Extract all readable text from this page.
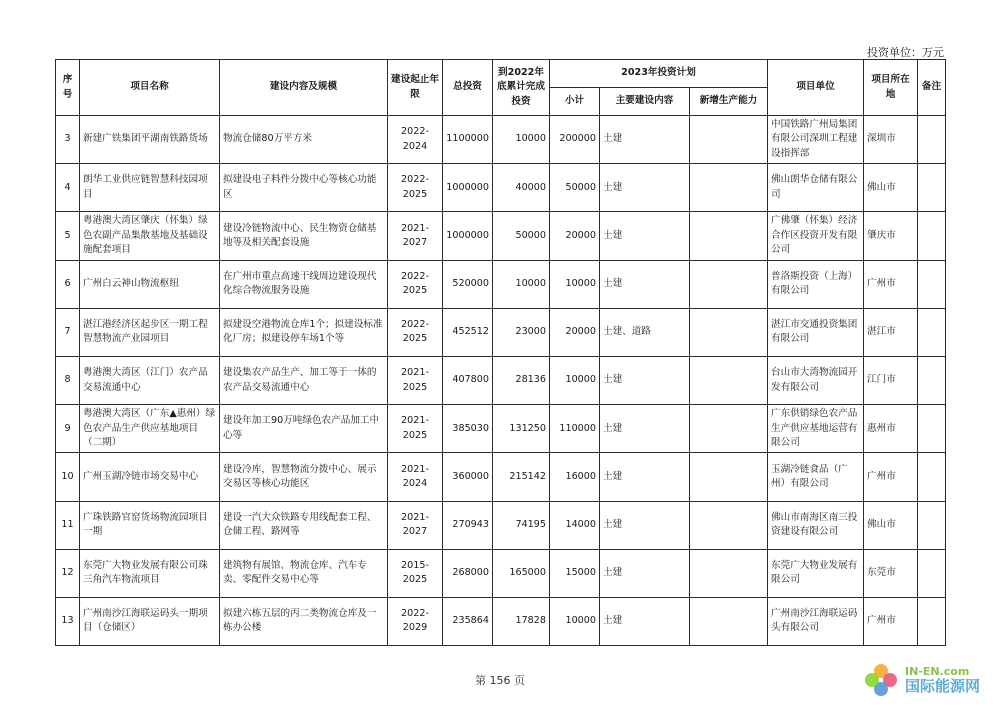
投资单位：万元
序号	项目名称	建设内容及规模	建设起止年限	总投资	到2022年底累计完成投资	2023年投资计划			项目单位	项目所在地	备注
						小计	主要建设内容	新增生产能力			
3	新建广铁集团平湖南铁路货场	物流仓储80万平方米	2022-2024	1100000	10000	200000	土建		中国铁路广州局集团有限公司深圳工程建设指挥部	深圳市	
4	朗华工业供应链智慧科技园项目	拟建设电子料件分拨中心等核心功能区	2022-2025	1000000	40000	50000	土建		佛山朗华仓储有限公司	佛山市	
5	粤港澳大湾区肇庆（怀集）绿色农副产品集散基地及基础设施配套项目	建设冷链物流中心、民生物资仓储基地等及相关配套设施	2021-2027	1000000	50000	20000	土建		广佛肇（怀集）经济合作区投资开发有限公司	肇庆市	
6	广州白云神山物流枢纽	在广州市重点高速干线周边建设现代化综合物流服务设施	2022-2025	520000	10000	10000	土建		普洛斯投资（上海）有限公司	广州市	
7	湛江港经济区起步区一期工程智慧物流产业园项目	拟建设空港物流仓库1个；拟建设标准化厂房；拟建设停车场1个等	2022-2025	452512	23000	20000	土建、道路		湛江市交通投资集团有限公司	湛江市	
8	粤港澳大湾区（江门）农产品交易流通中心	建设集农产品生产、加工等于一体的农产品交易流通中心	2021-2025	407800	28136	10000	土建		台山市大湾物流园开发有限公司	江门市	
9	粤港澳大湾区（广东▲惠州）绿色农产品生产供应基地项目（二期）	建设年加工90万吨绿色农产品加工中心等	2021-2025	385030	131250	110000	土建		广东供销绿色农产品生产供应基地运营有限公司	惠州市	
10	广州玉湖冷链市场交易中心	建设冷库，智慧物流分拨中心、展示交易区等核心功能区	2021-2024	360000	215142	16000	土建		玉湖冷链食品（广州）有限公司	广州市	
11	广珠铁路官窑货场物流园项目一期	建设一汽大众铁路专用线配套工程、仓储工程、路网等	2021-2027	270943	74195	14000	土建		佛山市南海区南三投资建设有限公司	佛山市	
12	东莞广大物业发展有限公司珠三角汽车物流项目	建筑物有展馆、物流仓库、汽车专卖、零配件交易中心等	2015-2025	268000	165000	15000	土建		东莞广大物业发展有限公司	东莞市	
13	广州南沙江海联运码头一期项目（仓储区）	拟建六栋五层的丙二类物流仓库及一栋办公楼	2022-2029	235864	17828	10000	土建		广州南沙江海联运码头有限公司	广州市	
第 156 页
IN-EN.com
国际能源网
